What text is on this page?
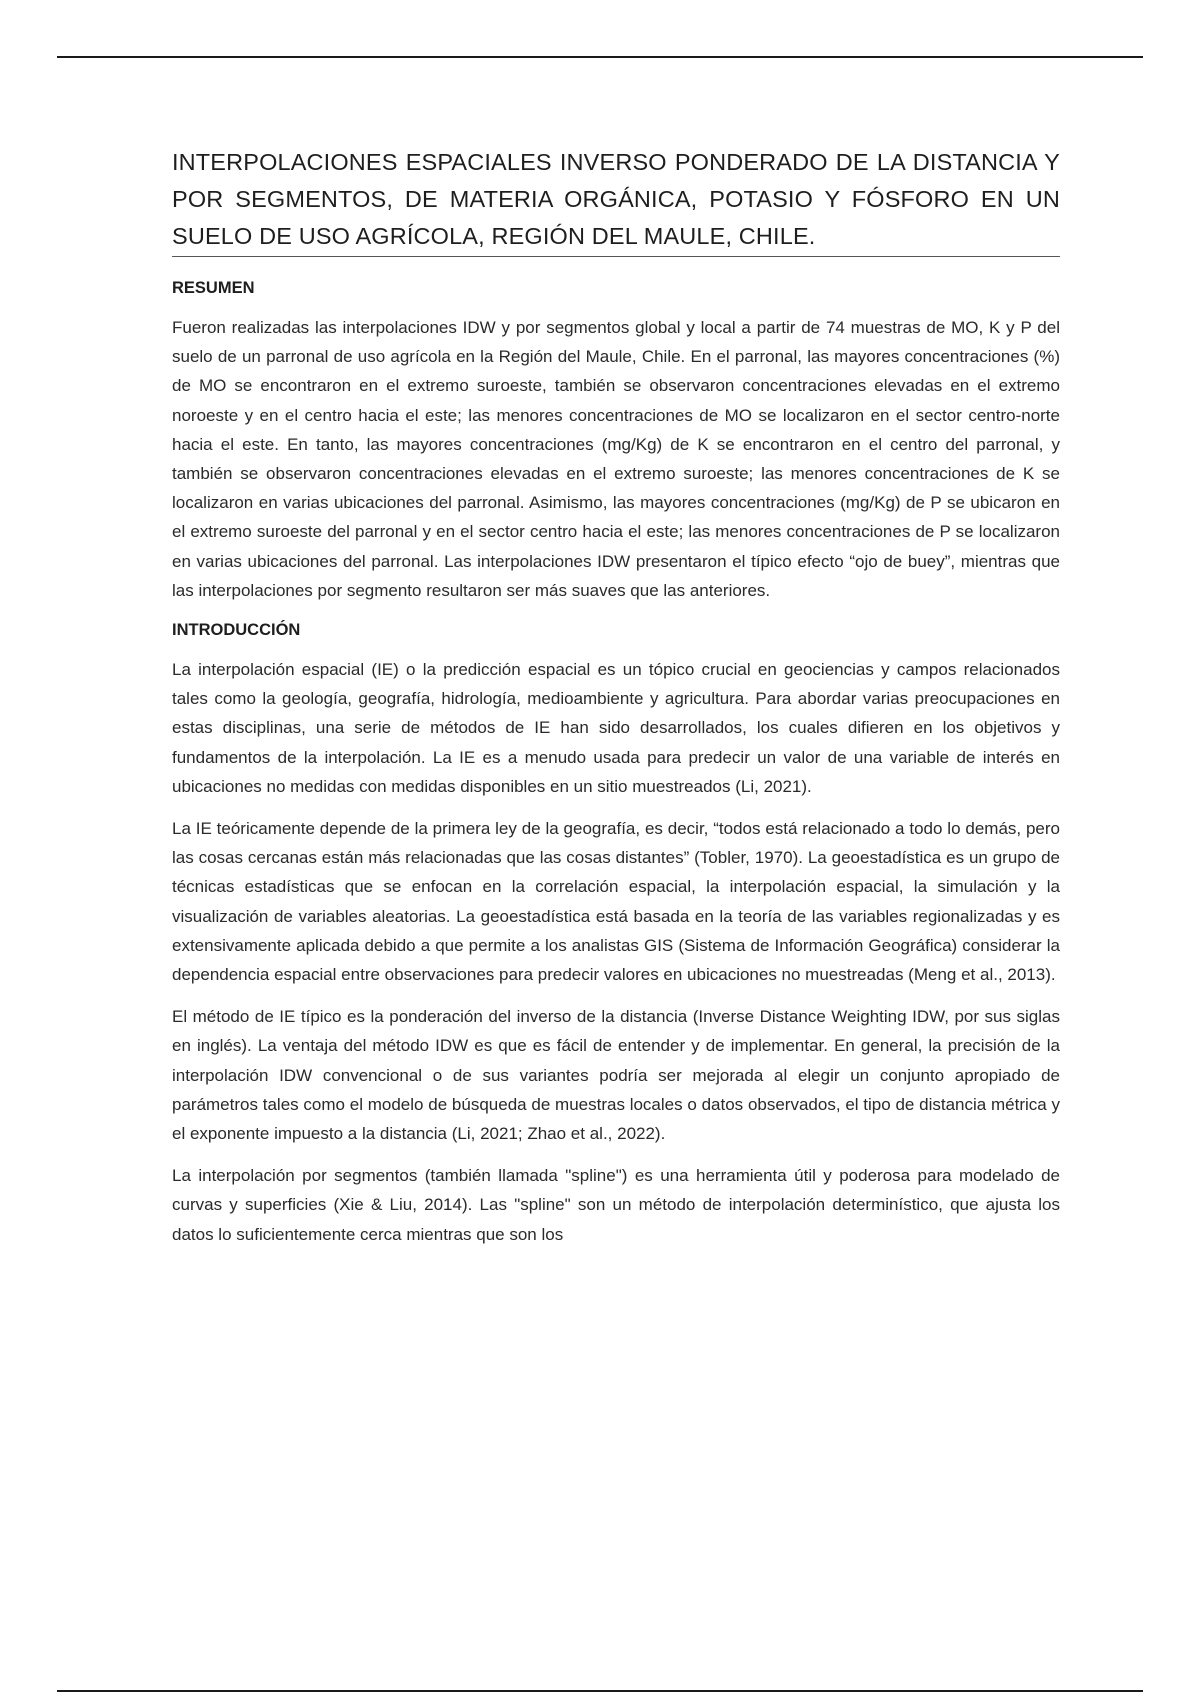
INTERPOLACIONES ESPACIALES INVERSO PONDERADO DE LA DISTANCIA Y POR SEGMENTOS, DE MATERIA ORGÁNICA, POTASIO Y FÓSFORO EN UN SUELO DE USO AGRÍCOLA, REGIÓN DEL MAULE, CHILE.
RESUMEN

Fueron realizadas las interpolaciones IDW y por segmentos global y local a partir de 74 muestras de MO, K y P del suelo de un parronal de uso agrícola en la Región del Maule, Chile. En el parronal, las mayores concentraciones (%) de MO se encontraron en el extremo suroeste, también se observaron concentraciones elevadas en el extremo noroeste y en el centro hacia el este; las menores concentraciones de MO se localizaron en el sector centro-norte hacia el este. En tanto, las mayores concentraciones (mg/Kg) de K se encontraron en el centro del parronal, y también se observaron concentraciones elevadas en el extremo suroeste; las menores concentraciones de K se localizaron en varias ubicaciones del parronal. Asimismo, las mayores concentraciones (mg/Kg) de P se ubicaron en el extremo suroeste del parronal y en el sector centro hacia el este; las menores concentraciones de P se localizaron en varias ubicaciones del parronal. Las interpolaciones IDW presentaron el típico efecto “ojo de buey”, mientras que las interpolaciones por segmento resultaron ser más suaves que las anteriores.

INTRODUCCIÓN

La interpolación espacial (IE) o la predicción espacial es un tópico crucial en geociencias y campos relacionados tales como la geología, geografía, hidrología, medioambiente y agricultura. Para abordar varias preocupaciones en estas disciplinas, una serie de métodos de IE han sido desarrollados, los cuales difieren en los objetivos y fundamentos de la interpolación. La IE es a menudo usada para predecir un valor de una variable de interés en ubicaciones no medidas con medidas disponibles en un sitio muestreados (Li, 2021).

La IE teóricamente depende de la primera ley de la geografía, es decir, “todos está relacionado a todo lo demás, pero las cosas cercanas están más relacionadas que las cosas distantes” (Tobler, 1970). La geoestadística es un grupo de técnicas estadísticas que se enfocan en la correlación espacial, la interpolación espacial, la simulación y la visualización de variables aleatorias. La geoestadística está basada en la teoría de las variables regionalizadas y es extensivamente aplicada debido a que permite a los analistas GIS (Sistema de Información Geográfica) considerar la dependencia espacial entre observaciones para predecir valores en ubicaciones no muestreadas (Meng et al., 2013).

El método de IE típico es la ponderación del inverso de la distancia (Inverse Distance Weighting IDW, por sus siglas en inglés). La ventaja del método IDW es que es fácil de entender y de implementar. En general, la precisión de la interpolación IDW convencional o de sus variantes podría ser mejorada al elegir un conjunto apropiado de parámetros tales como el modelo de búsqueda de muestras locales o datos observados, el tipo de distancia métrica y el exponente impuesto a la distancia (Li, 2021; Zhao et al., 2022).

La interpolación por segmentos (también llamada "spline") es una herramienta útil y poderosa para modelado de curvas y superficies (Xie & Liu, 2014). Las "spline" son un método de interpolación determinístico, que ajusta los datos lo suficientemente cerca mientras que son los
